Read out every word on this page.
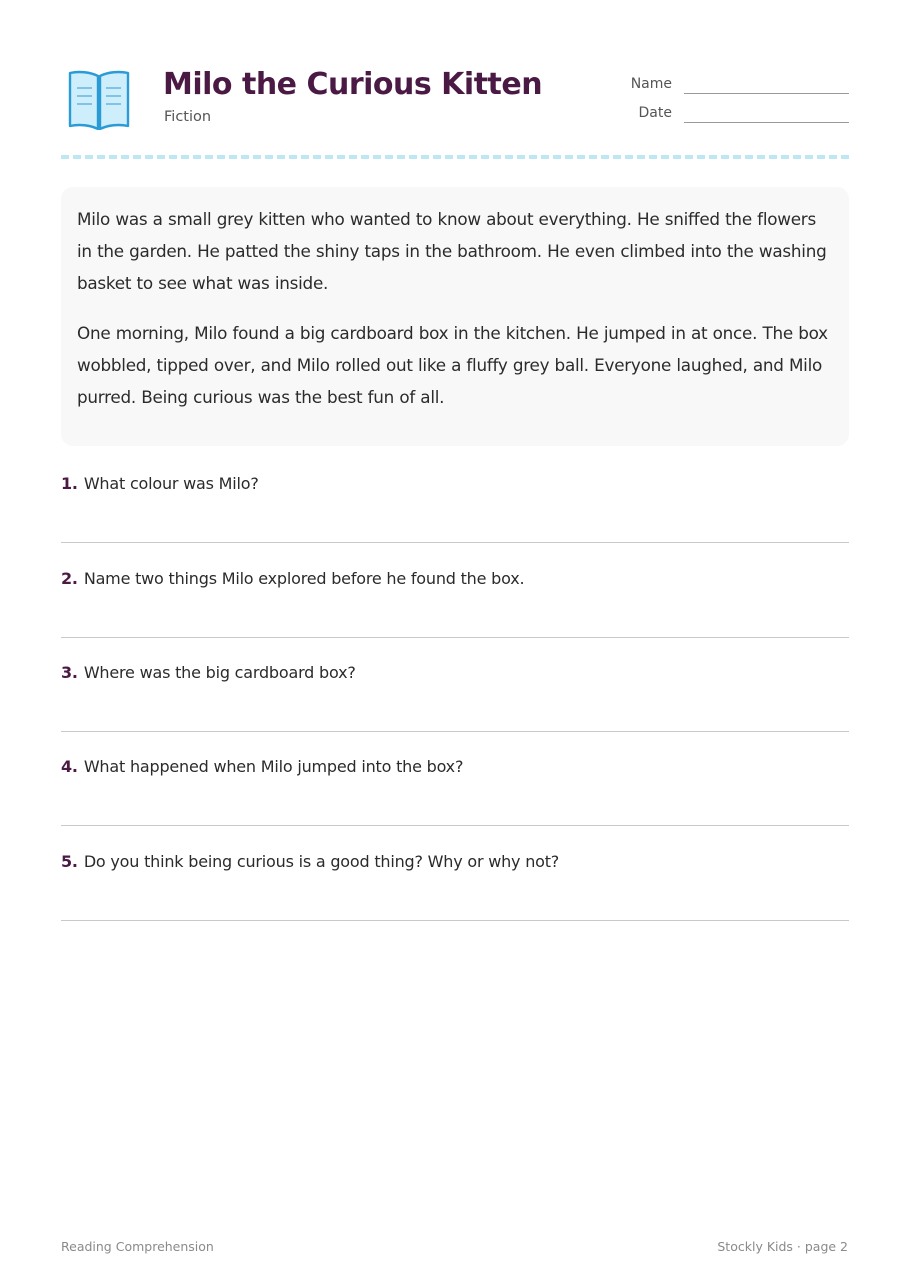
Milo the Curious Kitten
Fiction
Name
Date

Milo was a small grey kitten who wanted to know about everything. He sniffed the flowers in the garden. He patted the shiny taps in the bathroom. He even climbed into the washing basket to see what was inside.

One morning, Milo found a big cardboard box in the kitchen. He jumped in at once. The box wobbled, tipped over, and Milo rolled out like a fluffy grey ball. Everyone laughed, and Milo purred. Being curious was the best fun of all.

1. What colour was Milo?
2. Name two things Milo explored before he found the box.
3. Where was the big cardboard box?
4. What happened when Milo jumped into the box?
5. Do you think being curious is a good thing? Why or why not?
Reading Comprehension	Stockly Kids · page 2
